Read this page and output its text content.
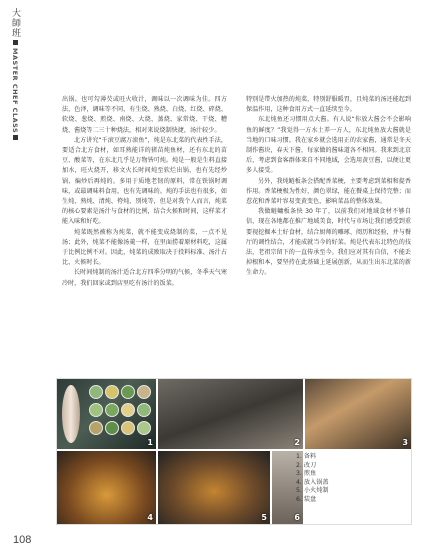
大師班
MASTER CHEF CLASS	出锅。也可勾薄芡或旺火收汁，调味以一次调味为佳。四方法，色泽，调味等不同，有生烧、熟烧、白烧、红烧、碎烧、软烧、葱烧、煎烧、南烧、大烧、蒸烧、家常烧、干烧、糟烧、酱烧等二三十种烧法，相对来说烧制快捷，汤汁较少。

北方讲究“千滚豆腐万滚鱼”，炖是东北菜的代表性手法，要适合北方食材，如耳熟能详的猪苗炖鱼材，还有东北的苗豆、酸菜等，在东北几乎是万物皆可炖。炖是一般是生料直接加水，旺火烧开，移文火长时间炖至软烂出锅，也有先经炒锅、煸炒后再炖的。多用于质地老韧的原料，常在铁锅时调味，或最调味料食用，也有先调味的。炖的手法也有很多，如生炖、熟炖、清炖、侉炖、别炖等，但是对我个人而言，炖菜的核心要素是汤汁与食材的比例，结合火候和时间，这样菜才能入味和好吃。

炖菜既然被称为炖菜，就不能变成烧制的菜，一点不见汤；此外，炖菜不能像汤羹一样，在里面捞着原材料吃，这属于比例比例不对。因此，炖菜的成败取决于投料标准、汤汁占比、火候时长。

长时间炖制的汤汁适合北方四季分明的气候，冬季天气寒冷时，我们回家或到店里吃有汤汁的饭菜。

特别是带火加热的炖菜，特别舒服暖胃，且炖菜的汤还能起到保温作用，这种食用方式一直延续至今。

东北炖鱼还习惯用点大酱。有人说“你放大酱会不会影响鱼的鲜度？”我觉得一方水土养一方人，东北炖鱼放大酱就是当地的口味习惯。我在家乡就会选用正的农家酱，通常是冬天制作酱块，春天下酱，每家做的酱味道各不相同。我来到北京后，考虑到食客群体来自不同地域，会选用黄豆酱，以便让更多人接受。

另外，我炖鲢板条会搭配香菜梗，主要考虑到菜相和提香作用。香菜梗极为性好，颜色翠绿，能在餐桌上保持完整；而惹花和香菜叶容易变黄变色，影响菜品的整体效果。

我做鲢鳙板条快 30 年了，以前我们对地域食材不够自信，现在各地都在推广地域美食，时代与市场让我们感受到重要视挖掘本土好食材，结合厨师的雕琢、阅历和经验，并与餐厅的调性结合，才能成就当今的好菜。炖是代表东北特色的技法，老祖宗留下的一直传承至今。我们应对其有自信，不能丢掉根和本，要坚持在此基础上延展创新，从而生出东北菜的新生命力。

1	2	3
4	5	6
1. 备料
2. 改刀
3. 煎鱼
4. 放入锅盖
5. 小火炖制
6. 装盘
108
